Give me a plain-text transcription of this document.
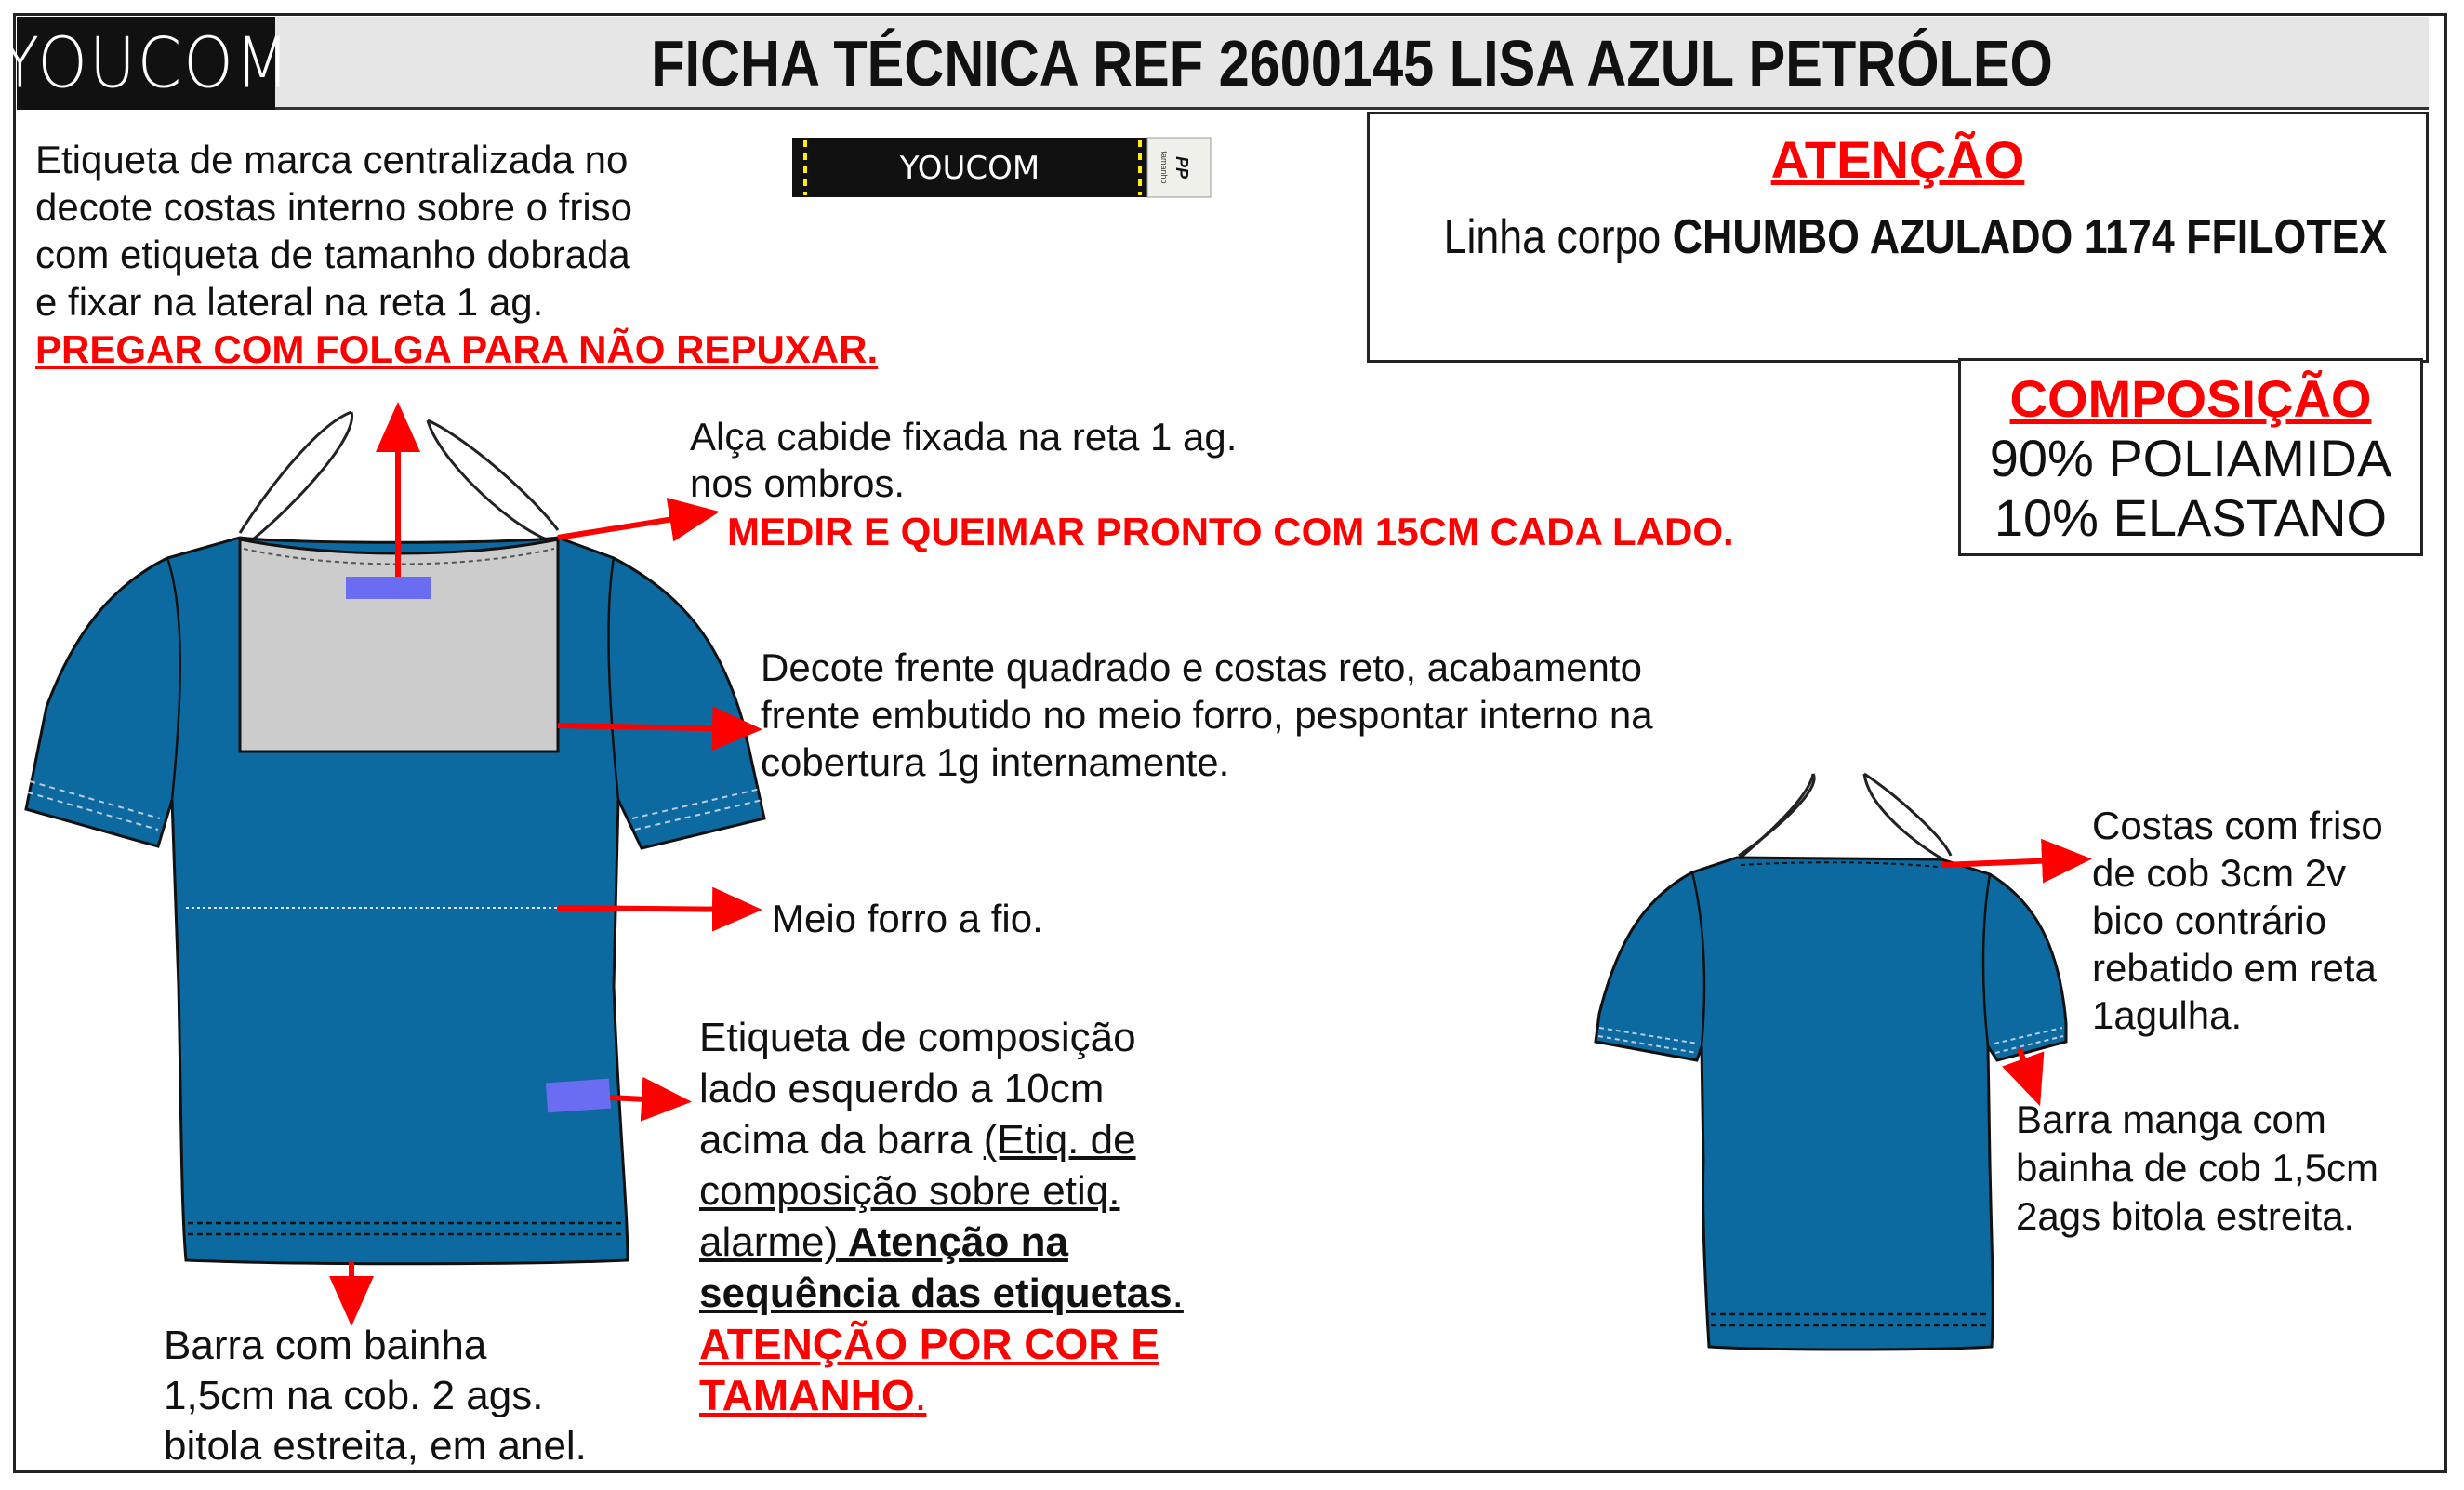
YOUCOM	FICHA TÉCNICA REF 2600145 LISA AZUL PETRÓLEO
Etiqueta de marca centralizada no
decote costas interno sobre o friso
com etiqueta de tamanho dobrada
e fixar na lateral na reta 1 ag.
PREGAR COM FOLGA PARA NÃO REPUXAR.
ATENÇÃO
Linha corpo CHUMBO AZULADO 1174 FFILOTEX
COMPOSIÇÃO
90% POLIAMIDA
10% ELASTANO
Alça cabide fixada na reta 1 ag.
nos ombros.
MEDIR E QUEIMAR PRONTO COM 15CM CADA LADO.
Decote frente quadrado e costas reto, acabamento
frente embutido no meio forro, pespontar interno na
cobertura 1g internamente.
Meio forro a fio.
Etiqueta de composição
lado esquerdo a 10cm
acima da barra (Etiq. de
composição sobre etiq.
alarme) Atenção na
sequência das etiquetas.
ATENÇÃO POR COR E
TAMANHO.
Barra com bainha
1,5cm na cob. 2 ags.
bitola estreita, em anel.
Costas com friso
de cob 3cm 2v
bico contrário
rebatido em reta
1agulha.
Barra manga com
bainha de cob 1,5cm
2ags bitola estreita.
YOUCOM	tamanho PP
